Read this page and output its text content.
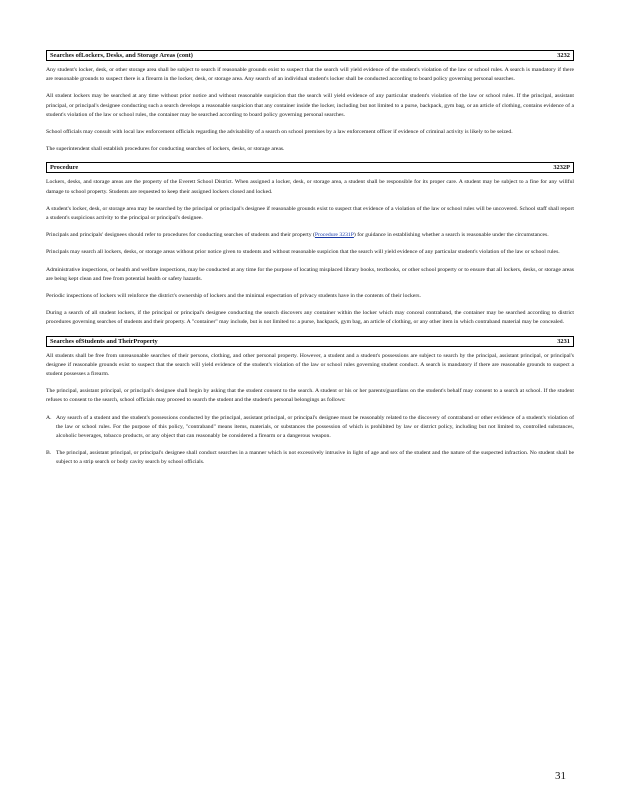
Searches ofLockers, Desks, and Storage Areas (cont)	3232

Any student's locker, desk, or other storage area shall be subject to search if reasonable grounds exist to suspect that the search will yield evidence of the student's violation of the law or school rules. A search is mandatory if there are reasonable grounds to suspect there is a firearm in the locker, desk, or storage area. Any search of an individual student's locker shall be conducted according to board policy governing personal searches.

All student lockers may be searched at any time without prior notice and without reasonable suspicion that the search will yield evidence of any particular student's violation of the law or school rules. If the principal, assistant principal, or principal's designee conducting such a search develops a reasonable suspicion that any container inside the locker, including but not limited to a purse, backpack, gym bag, or an article of clothing, contains evidence of a student's violation of the law or school rules, the container may be searched according to board policy governing personal searches.

School officials may consult with local law enforcement officials regarding the advisability of a search on school premises by a law enforcement officer if evidence of criminal activity is likely to be seized.

The superintendent shall establish procedures for conducting searches of lockers, desks, or storage areas.

Procedure	3232P

Lockers, desks, and storage areas are the property of the Everett School District. When assigned a locker, desk, or storage area, a student shall be responsible for its proper care. A student may be subject to a fine for any willful damage to school property. Students are requested to keep their assigned lockers closed and locked.

A student's locker, desk, or storage area may be searched by the principal or principal's designee if reasonable grounds exist to suspect that evidence of a violation of the law or school rules will be uncovered. School staff shall report a student's suspicious activity to the principal or principal's designee.

Principals and principals' designees should refer to procedures for conducting searches of students and their property (Procedure 3231P) for guidance in establishing whether a search is reasonable under the circumstances.

Principals may search all lockers, desks, or storage areas without prior notice given to students and without reasonable suspicion that the search will yield evidence of any particular student's violation of the law or school rules.

Administrative inspections, or health and welfare inspections, may be conducted at any time for the purpose of locating misplaced library books, textbooks, or other school property or to ensure that all lockers, desks, or storage areas are being kept clean and free from potential health or safety hazards.

Periodic inspections of lockers will reinforce the district's ownership of lockers and the minimal expectation of privacy students have in the contents of their lockers.

During a search of all student lockers, if the principal or principal's designee conducting the search discovers any container within the locker which may conceal contraband, the container may be searched according to district procedures governing searches of students and their property. A "container" may include, but is not limited to: a purse, backpack, gym bag, an article of clothing, or any other item in which contraband material may be concealed.

Searches ofStudents and TheirProperty	3231

All students shall be free from unreasonable searches of their persons, clothing, and other personal property. However, a student and a student's possessions are subject to search by the principal, assistant principal, or principal's designee if reasonable grounds exist to suspect that the search will yield evidence of the student's violation of the law or school rules governing student conduct. A search is mandatory if there are reasonable grounds to suspect a student possesses a firearm.

The principal, assistant principal, or principal's designee shall begin by asking that the student consent to the search. A student or his or her parents/guardians on the student's behalf may consent to a search at school. If the student refuses to consent to the search, school officials may proceed to search the student and the student's personal belongings as follows:

A. Any search of a student and the student's possessions conducted by the principal, assistant principal, or principal's designee must be reasonably related to the discovery of contraband or other evidence of a student's violation of the law or school rules. For the purpose of this policy, "contraband" means items, materials, or substances the possession of which is prohibited by law or district policy, including but not limited to, controlled substances, alcoholic beverages, tobacco products, or any object that can reasonably be considered a firearm or a dangerous weapon.
B. The principal, assistant principal, or principal's designee shall conduct searches in a manner which is not excessively intrusive in light of age and sex of the student and the nature of the suspected infraction. No student shall be subject to a strip search or body cavity search by school officials.
31
